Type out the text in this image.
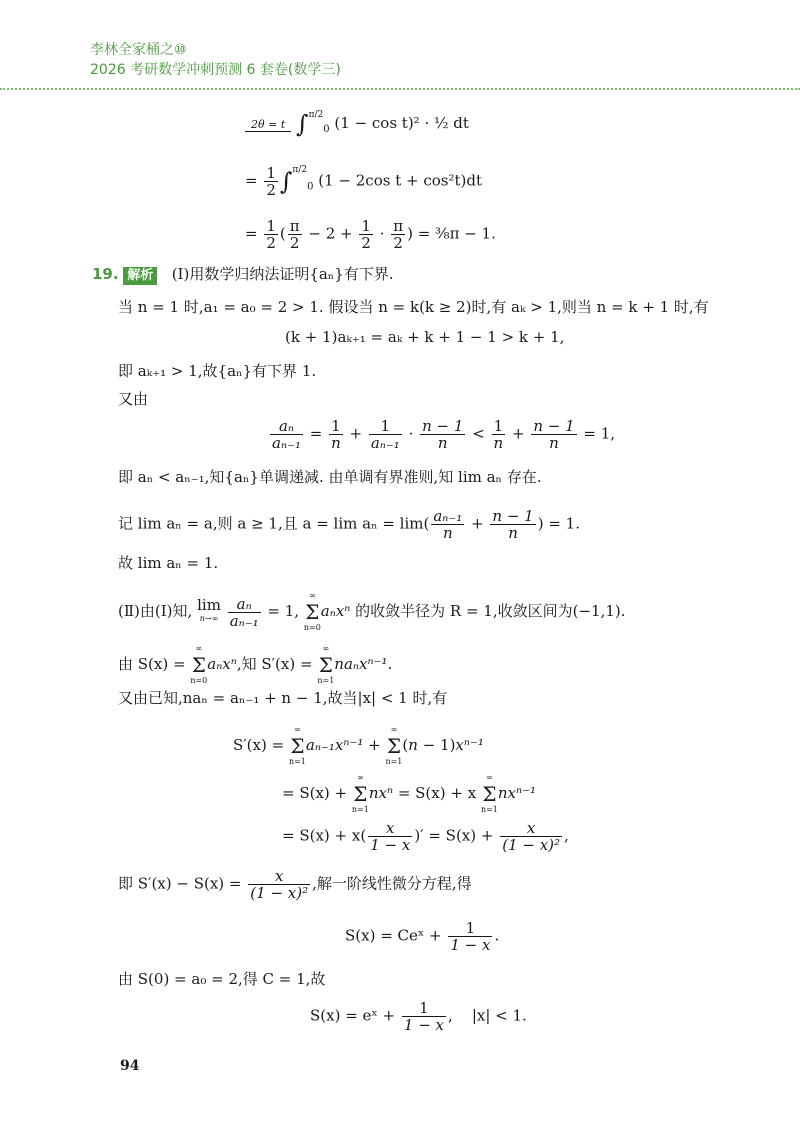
李林全家桶之⑩
2026 考研数学冲刺预测 6 套卷(数学三)
2θ = t ∫$^{\pi/2}_0$ (1 − cos t)² · ½ dt
= $\frac{1}{2} \int^{\pi/2}_0$ (1 − 2cos t + cos²t)dt
= $\frac{1}{2}$ ( $\frac{\pi}{2} - 2 + \frac{1}{2} \cdot \frac{\pi}{2}$ ) = ⅜π − 1.
19. 解析 (Ⅰ)用数学归纳法证明{aₙ}有下界.
当 n = 1 时,a₁ = a₀ = 2 > 1. 假设当 n = k(k ≥ 2)时,有 aₖ > 1,则当 n = k + 1 时,有
(k + 1)aₖ₊₁ = aₖ + k + 1 − 1 > k + 1,
即 aₖ₊₁ > 1,故{aₙ}有下界 1.
又由
$\frac{\text{aₙ}}{\text{aₙ₋₁}} = \frac{1}{n} + \frac{1}{\text{aₙ₋₁}} \cdot \frac{n - 1}{n} < \frac{1}{n} + \frac{n - 1}{n} = 1$,
即 aₙ < aₙ₋₁,知{aₙ}单调递减. 由单调有界准则,知 lim aₙ 存在.
记 lim aₙ = a,则 a ≥ 1,且 $a = \lim a_n = \lim( \frac{\text{aₙ₋₁}}{n} + \frac{n - 1}{n}$ ) = 1.
故 lim aₙ = 1.
(Ⅱ)由(Ⅰ)知, lim
n→∞
$\frac{\text{aₙ}}{\text{aₙ₋₁}} = 1$,
∞
Σ
n=0
aₙxⁿ 的收敛半径为 R = 1,收敛区间为(−1,1).
由 S(x) =
∞
Σ
n=0
aₙxⁿ,知 S′(x) =
∞
Σ
n=1
naₙxⁿ⁻¹.
又由已知,naₙ = aₙ₋₁ + n − 1,故当|x| < 1 时,有
S′(x) =
∞
Σ
n=1
aₙ₋₁xⁿ⁻¹ +
∞
Σ
n=1
(n − 1)xⁿ⁻¹
= S(x) +
∞
Σ
n=1
nxⁿ = S(x) + x
∞
Σ
n=1
nxⁿ⁻¹
= $S(x) + x( \frac{x}{1 - x}$ )′ = $S(x) + \frac{x}{\text{(1 − x)²}}$ ,
即 $S'(x) - S(x) = \frac{x}{\text{(1 − x)²}}$ ,解一阶线性微分方程,得
S(x) = Ceˣ + $\frac{1}{1 - x}$ .
由 S(0) = a₀ = 2,得 C = 1,故
S(x) = eˣ + $\frac{1}{1 - x}$ ,    |x| < 1.
94
